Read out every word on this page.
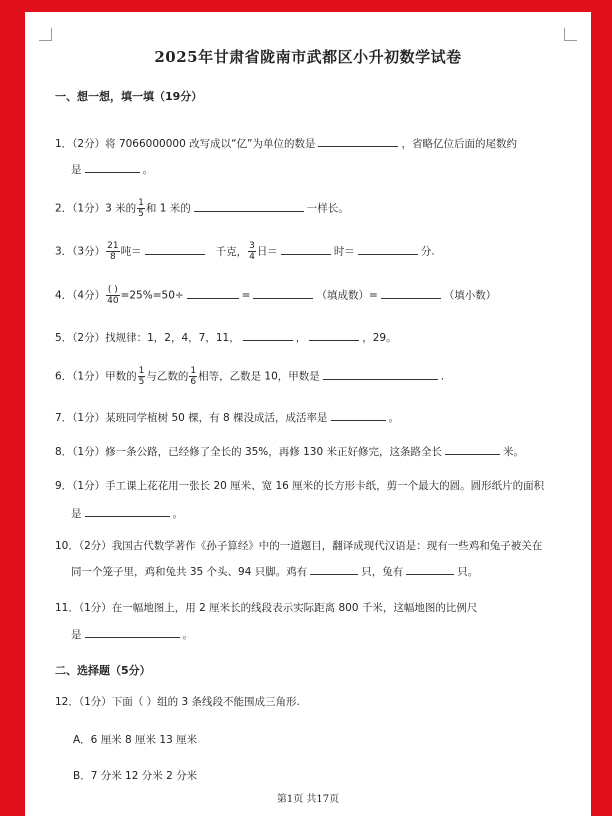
2025年甘肃省陇南市武都区小升初数学试卷
一、想一想，填一填（19分）
1．（2分）将 7066000000 改写成以“亿”为单位的数是	，省略亿位后面的尾数约
是	。
2．（1分）3 米的 $\frac{1}{5}$ 和 1 米的	一样长。
3．（3分） $\frac{21}{8}$ 吨＝	千克， $\frac{3}{4}$ 日＝	时＝	分.
4．（4分） $\frac{( )}{40} =25\%=50\div$	=	（填成数）=	（填小数）
5．（2分）找规律：1，2，4，7，11，	，	，29。
6．（1分）甲数的 $\frac{1}{5}$ 与乙数的 $\frac{1}{6}$ 相等，乙数是 10，甲数是	.
7．（1分）某班同学植树 50 棵，有 8 棵没成活，成活率是	。
8．（1分）修一条公路，已经修了全长的 35%，再修 130 米正好修完，这条路全长	米。
9．（1分）手工课上花花用一张长 20 厘米、宽 16 厘米的长方形卡纸，剪一个最大的圆。圆形纸片的面积
是	。
10．（2分）我国古代数学著作《孙子算经》中的一道题目，翻译成现代汉语是：现有一些鸡和兔子被关在
同一个笼子里，鸡和兔共 35 个头、94 只脚。鸡有	只，兔有	只。
11．（1分）在一幅地图上，用 2 厘米长的线段表示实际距离 800 千米，这幅地图的比例尺
是	。
二、选择题（5分）
12．（1分）下面（ ）组的 3 条线段不能围成三角形.
A．6 厘米 8 厘米 13 厘米
B．7 分米 12 分米 2 分米
第1页 共17页
